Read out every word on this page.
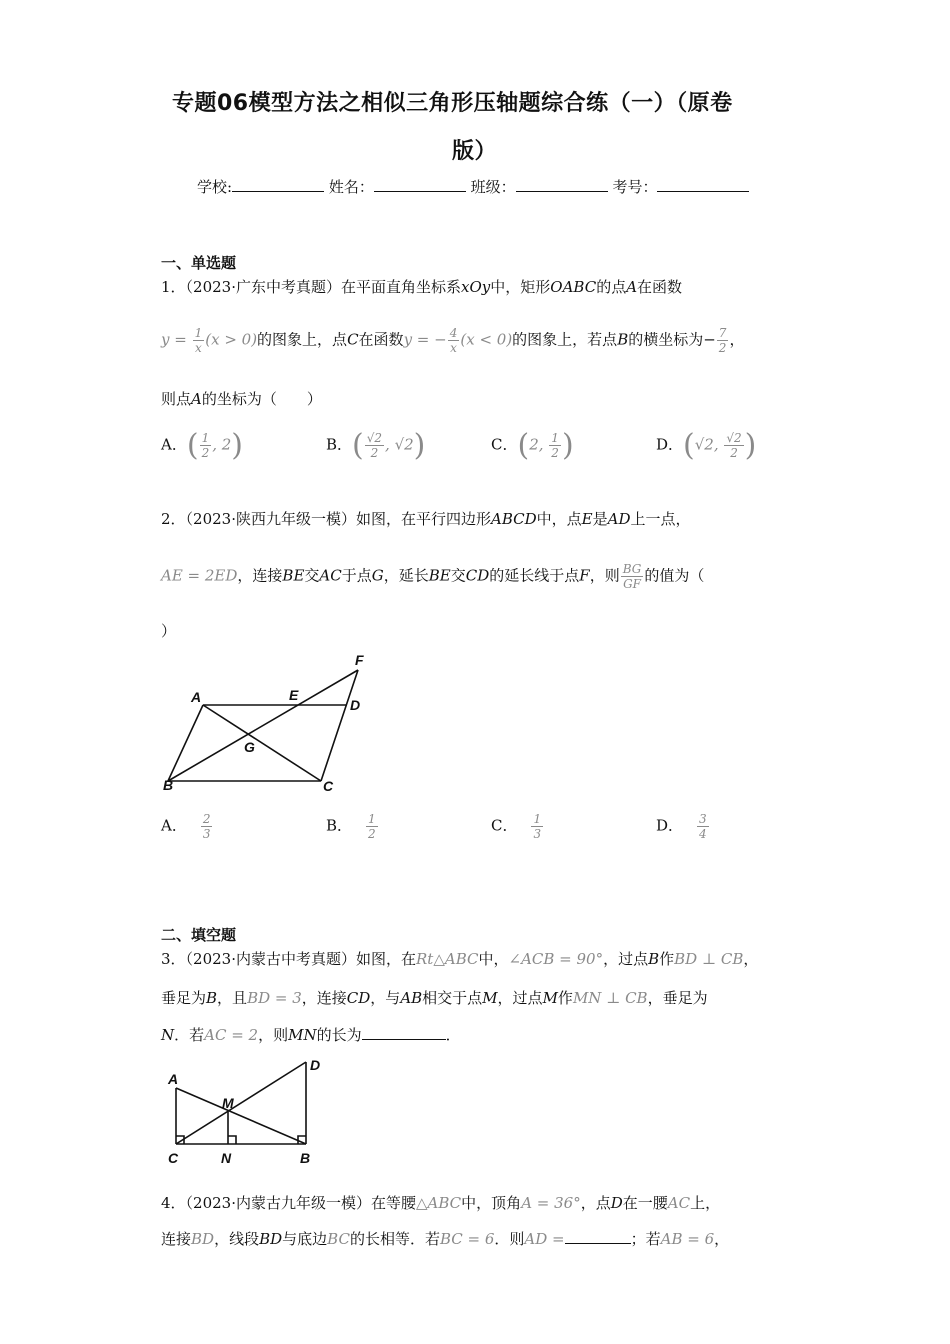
专题06模型方法之相似三角形压轴题综合练（一）（原卷
版）
学校:	姓名：	班级：	考号：
一、单选题
1．（2023·广东中考真题）在平面直角坐标系xOy中，矩形OABC的点A在函数
$y = \frac{1}{x} (x > 0)$的图象上，点C在函数y = − $\frac{4}{x} (x < 0)$的图象上，若点B的横坐标为− $\frac{7}{2}$ ，
则点A的坐标为（　　）
A．( $\frac{1}{2}$ , 2)	B．( $\frac{√2}{2}$ , √2)	C．(2, $\frac{1}{2}$ )	D．(√2, $\frac{√2}{2}$ )
2．（2023·陕西九年级一模）如图，在平行四边形ABCD中，点E是AD上一点，
AE = 2ED，连接BE交AC于点G，延长BE交CD的延长线于点F，则 $\frac{BG}{GF}$ 的值为（
）
A	E
D
F
G
B	C
A． $\frac{2}{3}$	B． $\frac{1}{2}$	C． $\frac{1}{3}$	D． $\frac{3}{4}$
二、填空题
3．（2023·内蒙古中考真题）如图，在Rt△ABC中，∠ACB = 90°，过点B作BD ⊥ CB，
垂足为B，且BD = 3，连接CD，与AB相交于点M，过点M作MN ⊥ CB，垂足为
N．若AC = 2，则MN的长为	．
A
D
M
C	N	B
4．（2023·内蒙古九年级一模）在等腰△ABC中，顶角A = 36°，点D在一腰AC上，
连接BD，线段BD与底边BC的长相等．若BC = 6．则AD =	；若AB = 6，
